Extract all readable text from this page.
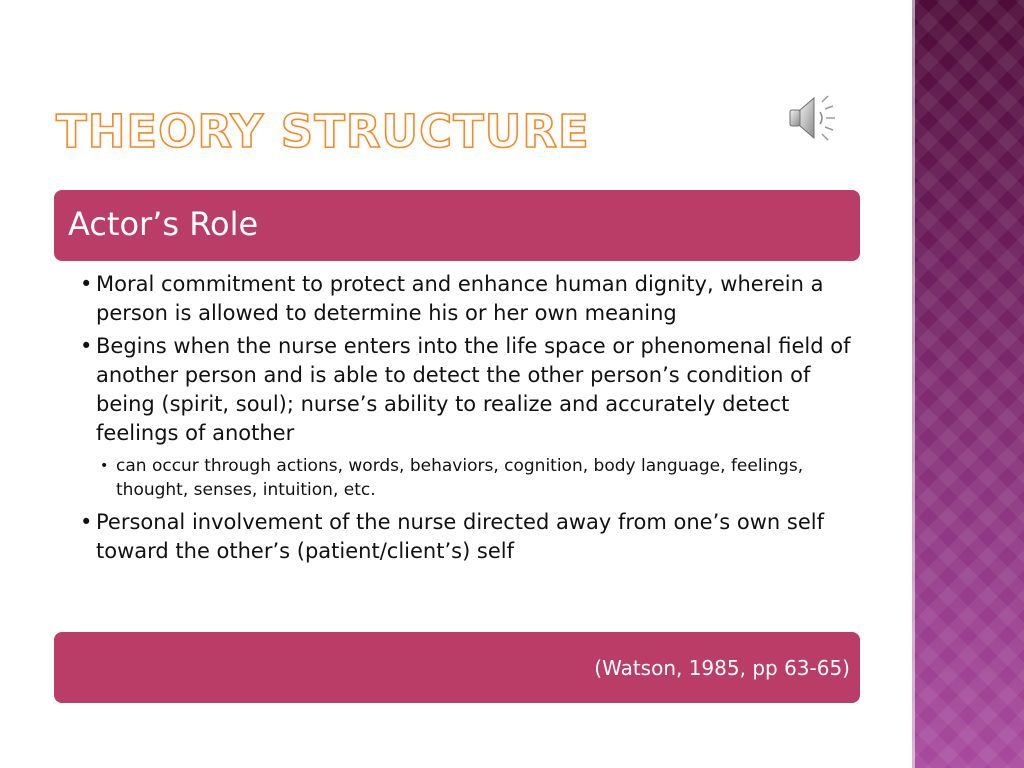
THEORY STRUCTURE
Actor’s Role
• Moral commitment to protect and enhance human dignity, wherein a person is allowed to determine his or her own meaning
• Begins when the nurse enters into the life space or phenomenal field of another person and is able to detect the other person’s condition of being (spirit, soul); nurse’s ability to realize and accurately detect feelings of another
• can occur through actions, words, behaviors, cognition, body language, feelings, thought, senses, intuition, etc.
• Personal involvement of the nurse directed away from one’s own self toward the other’s (patient/client’s) self
(Watson, 1985, pp 63-65)
